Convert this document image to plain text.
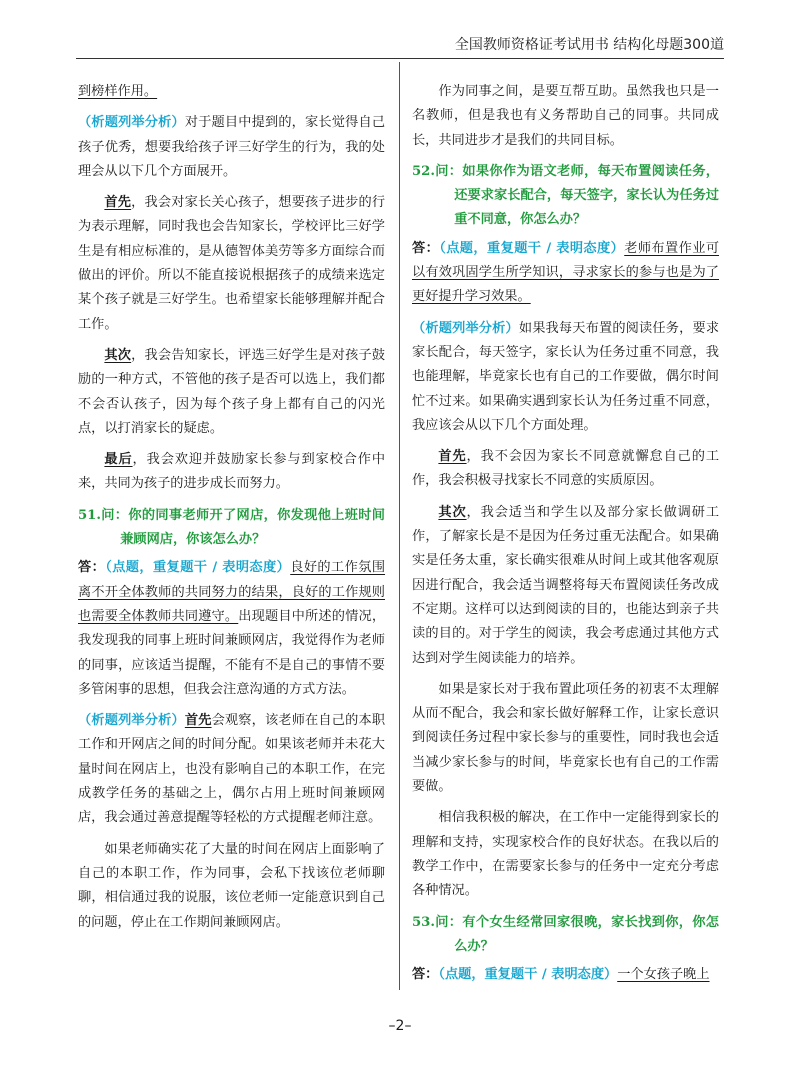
全国教师资格证考试用书 结构化母题300道

到榜样作用。

（析题列举分析）对于题目中提到的，家长觉得自己孩子优秀，想要我给孩子评三好学生的行为，我的处理会从以下几个方面展开。

首先，我会对家长关心孩子，想要孩子进步的行为表示理解，同时我也会告知家长，学校评比三好学生是有相应标准的，是从德智体美劳等多方面综合而做出的评价。所以不能直接说根据孩子的成绩来选定某个孩子就是三好学生。也希望家长能够理解并配合工作。

其次，我会告知家长，评选三好学生是对孩子鼓励的一种方式，不管他的孩子是否可以选上，我们都不会否认孩子，因为每个孩子身上都有自己的闪光点，以打消家长的疑虑。

最后，我会欢迎并鼓励家长参与到家校合作中来，共同为孩子的进步成长而努力。

51.问：你的同事老师开了网店，你发现他上班时间兼顾网店，你该怎么办？

答：（点题，重复题干 / 表明态度）良好的工作氛围离不开全体教师的共同努力的结果，良好的工作规则也需要全体教师共同遵守。出现题目中所述的情况，我发现我的同事上班时间兼顾网店，我觉得作为老师的同事，应该适当提醒，不能有不是自己的事情不要多管闲事的思想，但我会注意沟通的方式方法。

（析题列举分析）首先会观察，该老师在自己的本职工作和开网店之间的时间分配。如果该老师并未花大量时间在网店上，也没有影响自己的本职工作，在完成教学任务的基础之上，偶尔占用上班时间兼顾网店，我会通过善意提醒等轻松的方式提醒老师注意。

如果老师确实花了大量的时间在网店上面影响了自己的本职工作，作为同事，会私下找该位老师聊聊，相信通过我的说服，该位老师一定能意识到自己的问题，停止在工作期间兼顾网店。

作为同事之间，是要互帮互助。虽然我也只是一名教师，但是我也有义务帮助自己的同事。共同成长，共同进步才是我们的共同目标。

52.问：如果你作为语文老师，每天布置阅读任务，还要求家长配合，每天签字，家长认为任务过重不同意，你怎么办？

答：（点题，重复题干 / 表明态度）老师布置作业可以有效巩固学生所学知识，寻求家长的参与也是为了更好提升学习效果。

（析题列举分析）如果我每天布置的阅读任务，要求家长配合，每天签字，家长认为任务过重不同意，我也能理解，毕竟家长也有自己的工作要做，偶尔时间忙不过来。如果确实遇到家长认为任务过重不同意，我应该会从以下几个方面处理。

首先，我不会因为家长不同意就懈怠自己的工作，我会积极寻找家长不同意的实质原因。

其次，我会适当和学生以及部分家长做调研工作，了解家长是不是因为任务过重无法配合。如果确实是任务太重，家长确实很难从时间上或其他客观原因进行配合，我会适当调整将每天布置阅读任务改成不定期。这样可以达到阅读的目的，也能达到亲子共读的目的。对于学生的阅读，我会考虑通过其他方式达到对学生阅读能力的培养。

如果是家长对于我布置此项任务的初衷不太理解从而不配合，我会和家长做好解释工作，让家长意识到阅读任务过程中家长参与的重要性，同时我也会适当减少家长参与的时间，毕竟家长也有自己的工作需要做。

相信我积极的解决，在工作中一定能得到家长的理解和支持，实现家校合作的良好状态。在我以后的教学工作中，在需要家长参与的任务中一定充分考虑各种情况。

53.问：有个女生经常回家很晚，家长找到你，你怎么办？

答：（点题，重复题干 / 表明态度）一个女孩子晚上

–2–
